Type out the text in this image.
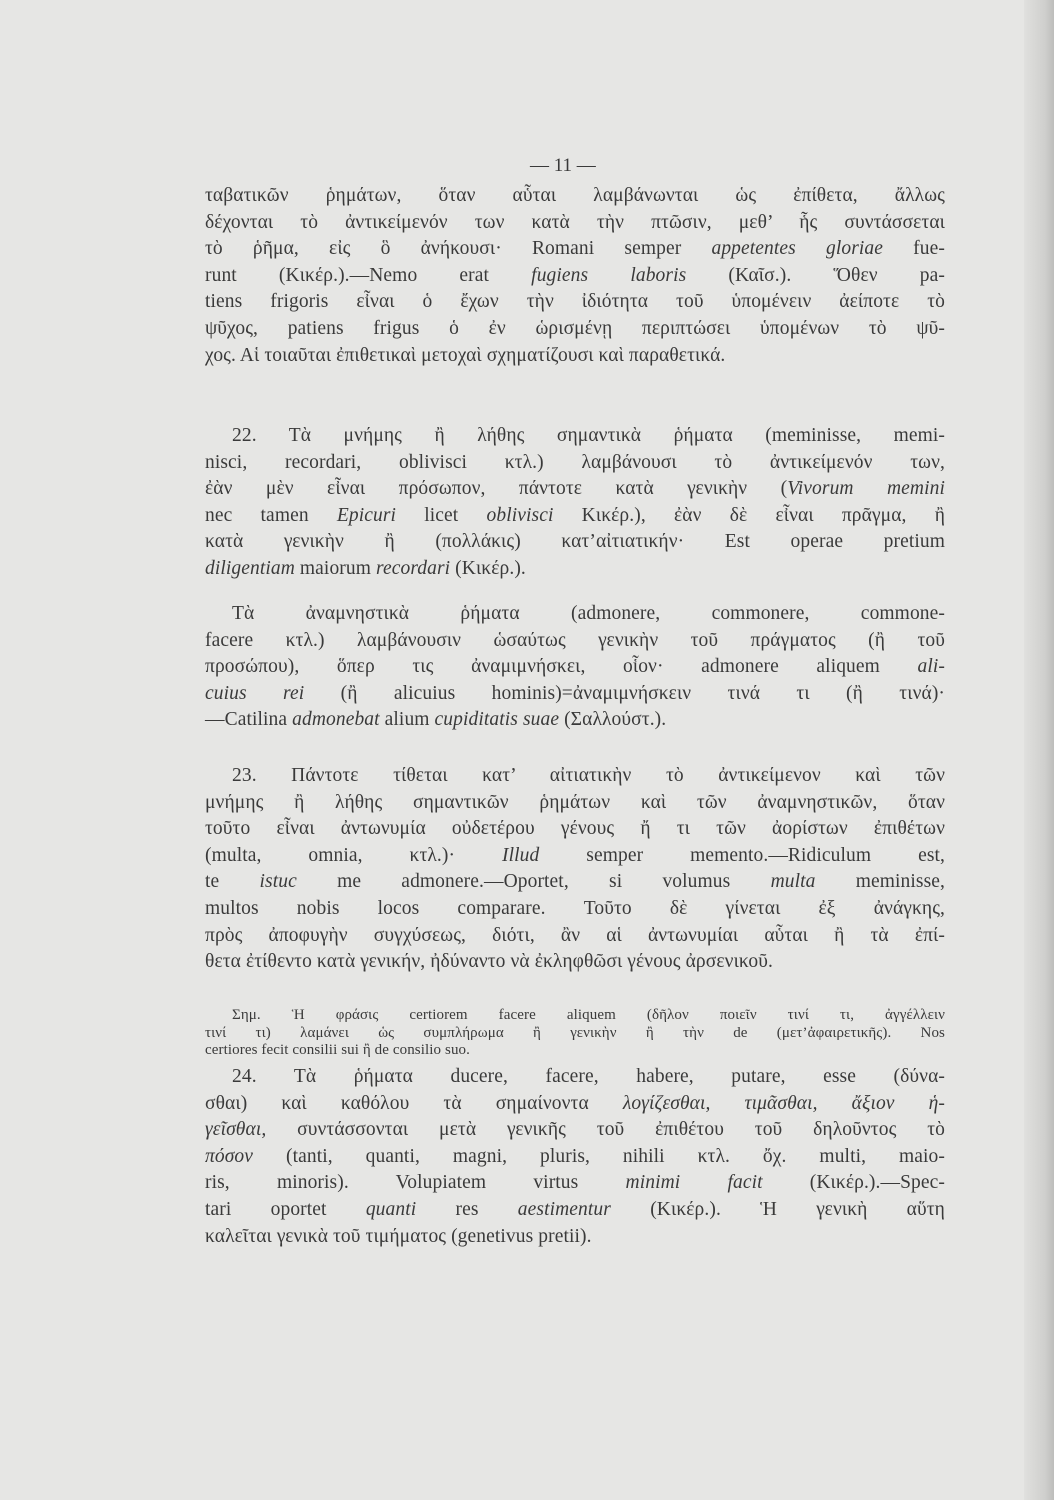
— 11 —
ταβατικῶν ῥημάτων, ὅταν αὗται λαμβάνωνται ὡς ἐπίθετα, ἄλλως
δέχονται τὸ ἀντικείμενόν των κατὰ τὴν πτῶσιν, μεθ’ ἧς συντάσσεται
τὸ ῥῆμα, εἰς ὃ ἀνήκουσι· Romani semper appetentes gloriae fue-
runt (Κικέρ.).—Nemo erat fugiens laboris (Καῖσ.). Ὅθεν pa-
tiens frigoris εἶναι ὁ ἔχων τὴν ἰδιότητα τοῦ ὑπομένειν ἀείποτε τὸ
ψῦχος, patiens frigus ὁ ἐν ὡρισμένῃ περιπτώσει ὑπομένων τὸ ψῦ-
χος. Αἱ τοιαῦται ἐπιθετικαὶ μετοχαὶ σχηματίζουσι καὶ παραθετικά.
22. Τὰ μνήμης ἢ λήθης σημαντικὰ ῥήματα (meminisse, memi-
nisci, recordari, oblivisci κτλ.) λαμβάνουσι τὸ ἀντικείμενόν των,
ἐὰν μὲν εἶναι πρόσωπον, πάντοτε κατὰ γενικὴν (Vivorum memini
nec tamen Epicuri licet oblivisci Κικέρ.), ἐὰν δὲ εἶναι πρᾶγμα, ἢ
κατὰ γενικὴν ἢ (πολλάκις) κατ’αἰτιατικήν· Est operae pretium
diligentiam maiorum recordari (Κικέρ.).
Τὰ ἀναμνηστικὰ ῥήματα (admonere, commonere, commone-
facere κτλ.) λαμβάνουσιν ὡσαύτως γενικὴν τοῦ πράγματος (ἢ τοῦ
προσώπου), ὅπερ τις ἀναμιμνήσκει, οἷον· admonere aliquem ali-
cuius rei (ἢ alicuius hominis)=ἀναμιμνήσκειν τινά τι (ἢ τινά)·
—Catilina admonebat alium cupiditatis suae (Σαλλούστ.).
23. Πάντοτε τίθεται κατ’ αἰτιατικὴν τὸ ἀντικείμενον καὶ τῶν
μνήμης ἢ λήθης σημαντικῶν ῥημάτων καὶ τῶν ἀναμνηστικῶν, ὅταν
τοῦτο εἶναι ἀντωνυμία οὐδετέρου γένους ἤ τι τῶν ἀορίστων ἐπιθέτων
(multa, omnia, κτλ.)· Illud semper memento.—Ridiculum est,
te istuc me admonere.—Oportet, si volumus multa meminisse,
multos nobis locos comparare. Τοῦτο δὲ γίνεται ἐξ ἀνάγκης,
πρὸς ἀποφυγὴν συγχύσεως, διότι, ἂν αἱ ἀντωνυμίαι αὗται ἢ τὰ ἐπί-
θετα ἐτίθεντο κατὰ γενικήν, ἠδύναντο νὰ ἐκληφθῶσι γένους ἀρσενικοῦ.
Σημ. Ἡ φράσις certiorem facere aliquem (δῆλον ποιεῖν τινί τι, ἀγγέλλειν
τινί τι) λαμάνει ὡς συμπλήρωμα ἢ γενικὴν ἢ τὴν de (μετ’ἀφαιρετικῆς). Nos
certiores fecit consilii sui ἢ de consilio suo.
24. Τὰ ῥήματα ducere, facere, habere, putare, esse (δύνα-
σθαι) καὶ καθόλου τὰ σημαίνοντα λογίζεσθαι, τιμᾶσθαι, ἄξιον ἡ-
γεῖσθαι, συντάσσονται μετὰ γενικῆς τοῦ ἐπιθέτου τοῦ δηλοῦντος τὸ
πόσον (tanti, quanti, magni, pluris, nihili κτλ. ὄχ. multi, maio-
ris, minoris). Volupiatem virtus minimi facit (Κικέρ.).—Spec-
tari oportet quanti res aestimentur (Κικέρ.). Ἡ γενικὴ αὕτη
καλεῖται γενικὰ τοῦ τιμήματος (genetivus pretii).
